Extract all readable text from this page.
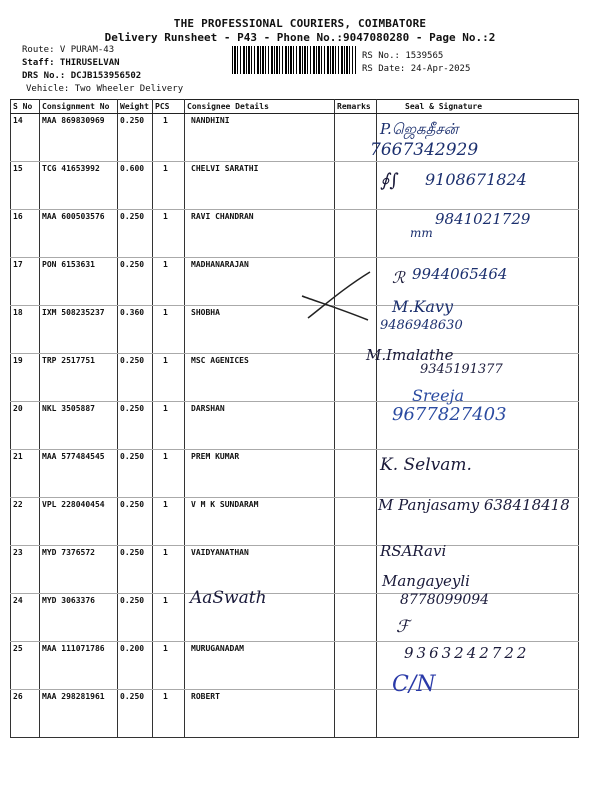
THE PROFESSIONAL COURIERS, COIMBATORE
Delivery Runsheet - P43 - Phone No.:9047080280 - Page No.:2
Route: V PURAM-43
Staff: THIRUSELVAN
DRS No.: DCJB153956502
Vehicle: Two Wheeler Delivery
RS No.: 1539565
RS Date: 24-Apr-2025
S No	Consignment No	Weight	PCS	Consignee Details	Remarks	Seal & Signature
14	MAA 869830969	0.250	1	NANDHINI		
15	TCG 41653992	0.600	1	CHELVI SARATHI		
16	MAA 600503576	0.250	1	RAVI CHANDRAN		
17	PON 6153631	0.250	1	MADHANARAJAN		
18	IXM 508235237	0.360	1	SHOBHA		
19	TRP 2517751	0.250	1	MSC AGENICES		
20	NKL 3505887	0.250	1	DARSHAN		
21	MAA 577484545	0.250	1	PREM KUMAR		
22	VPL 228040454	0.250	1	V M K SUNDARAM		
23	MYD 7376572	0.250	1	VAIDYANATHAN		
24	MYD 3063376	0.250	1			
25	MAA 111071786	0.200	1	MURUGANADAM		
26	MAA 298281961	0.250	1	ROBERT		
P.ஜெகதீசன்
7667342929
∮∫ 9108671824
mm
9841021729
ℛ 9944065464
M.Kavy
9486948630
M.Imalathe
9345191377
Sreeja
9677827403
K. Selvam.
M Panjasamy 638418418
RSARavi
AaSwath
Mangayeyli
8778099094
ℱ
9363242722
C/N
